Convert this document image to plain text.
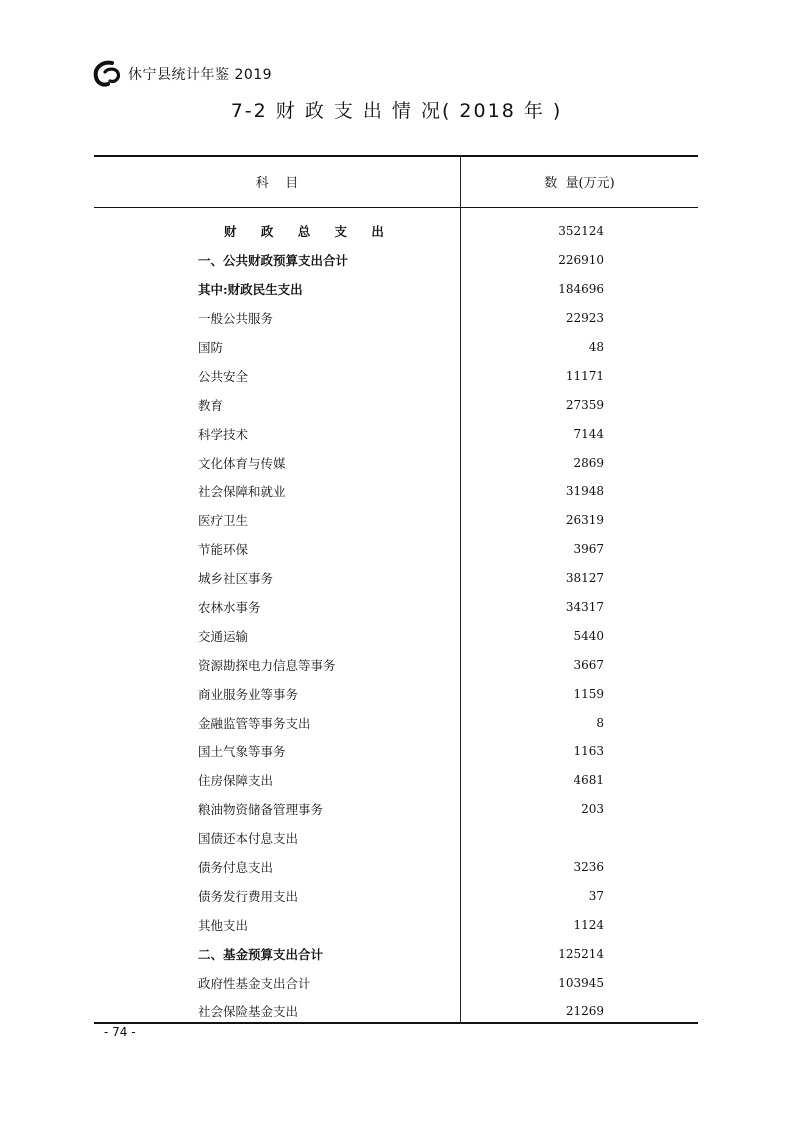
休宁县统计年鉴 2019
7-2 财 政 支 出 情 况( 2018 年 )
科    目	数  量(万元)
财 政 总 支 出	352124
一、公共财政预算支出合计	226910
其中:财政民生支出	184696
一般公共服务	22923
国防	48
公共安全	11171
教育	27359
科学技术	7144
文化体育与传媒	2869
社会保障和就业	31948
医疗卫生	26319
节能环保	3967
城乡社区事务	38127
农林水事务	34317
交通运输	5440
资源勘探电力信息等事务	3667
商业服务业等事务	1159
金融监管等事务支出	8
国土气象等事务	1163
住房保障支出	4681
粮油物资储备管理事务	203
国债还本付息支出
债务付息支出	3236
债务发行费用支出	37
其他支出	1124
二、基金预算支出合计	125214
政府性基金支出合计	103945
社会保险基金支出	21269
- 74 -
